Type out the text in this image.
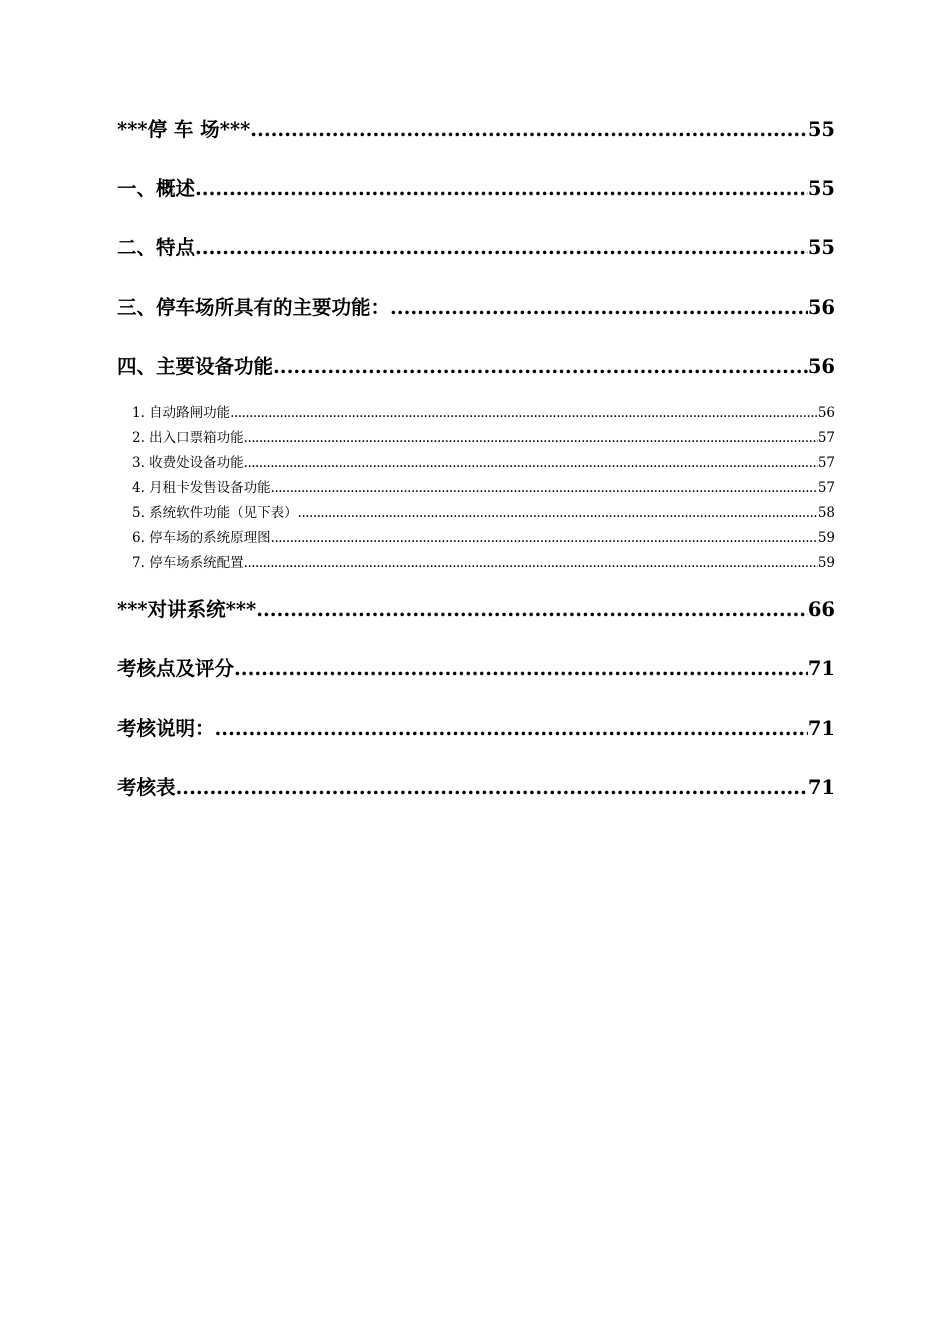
***停 车 场*** .....	55
一、概述 .....	55
二、特点 .....	55
三、停车场所具有的主要功能： .....	56
四、主要设备功能 .....	56
1. 自动路闸功能 .....	56
2. 出入口票箱功能 .....	57
3. 收费处设备功能 .....	57
4. 月租卡发售设备功能 .....	57
5. 系统软件功能（见下表） .....	58
6. 停车场的系统原理图 .....	59
7. 停车场系统配置 .....	59
***对讲系统*** .....	66
考核点及评分 .....	71
考核说明： .....	71
考核表 .....	71
